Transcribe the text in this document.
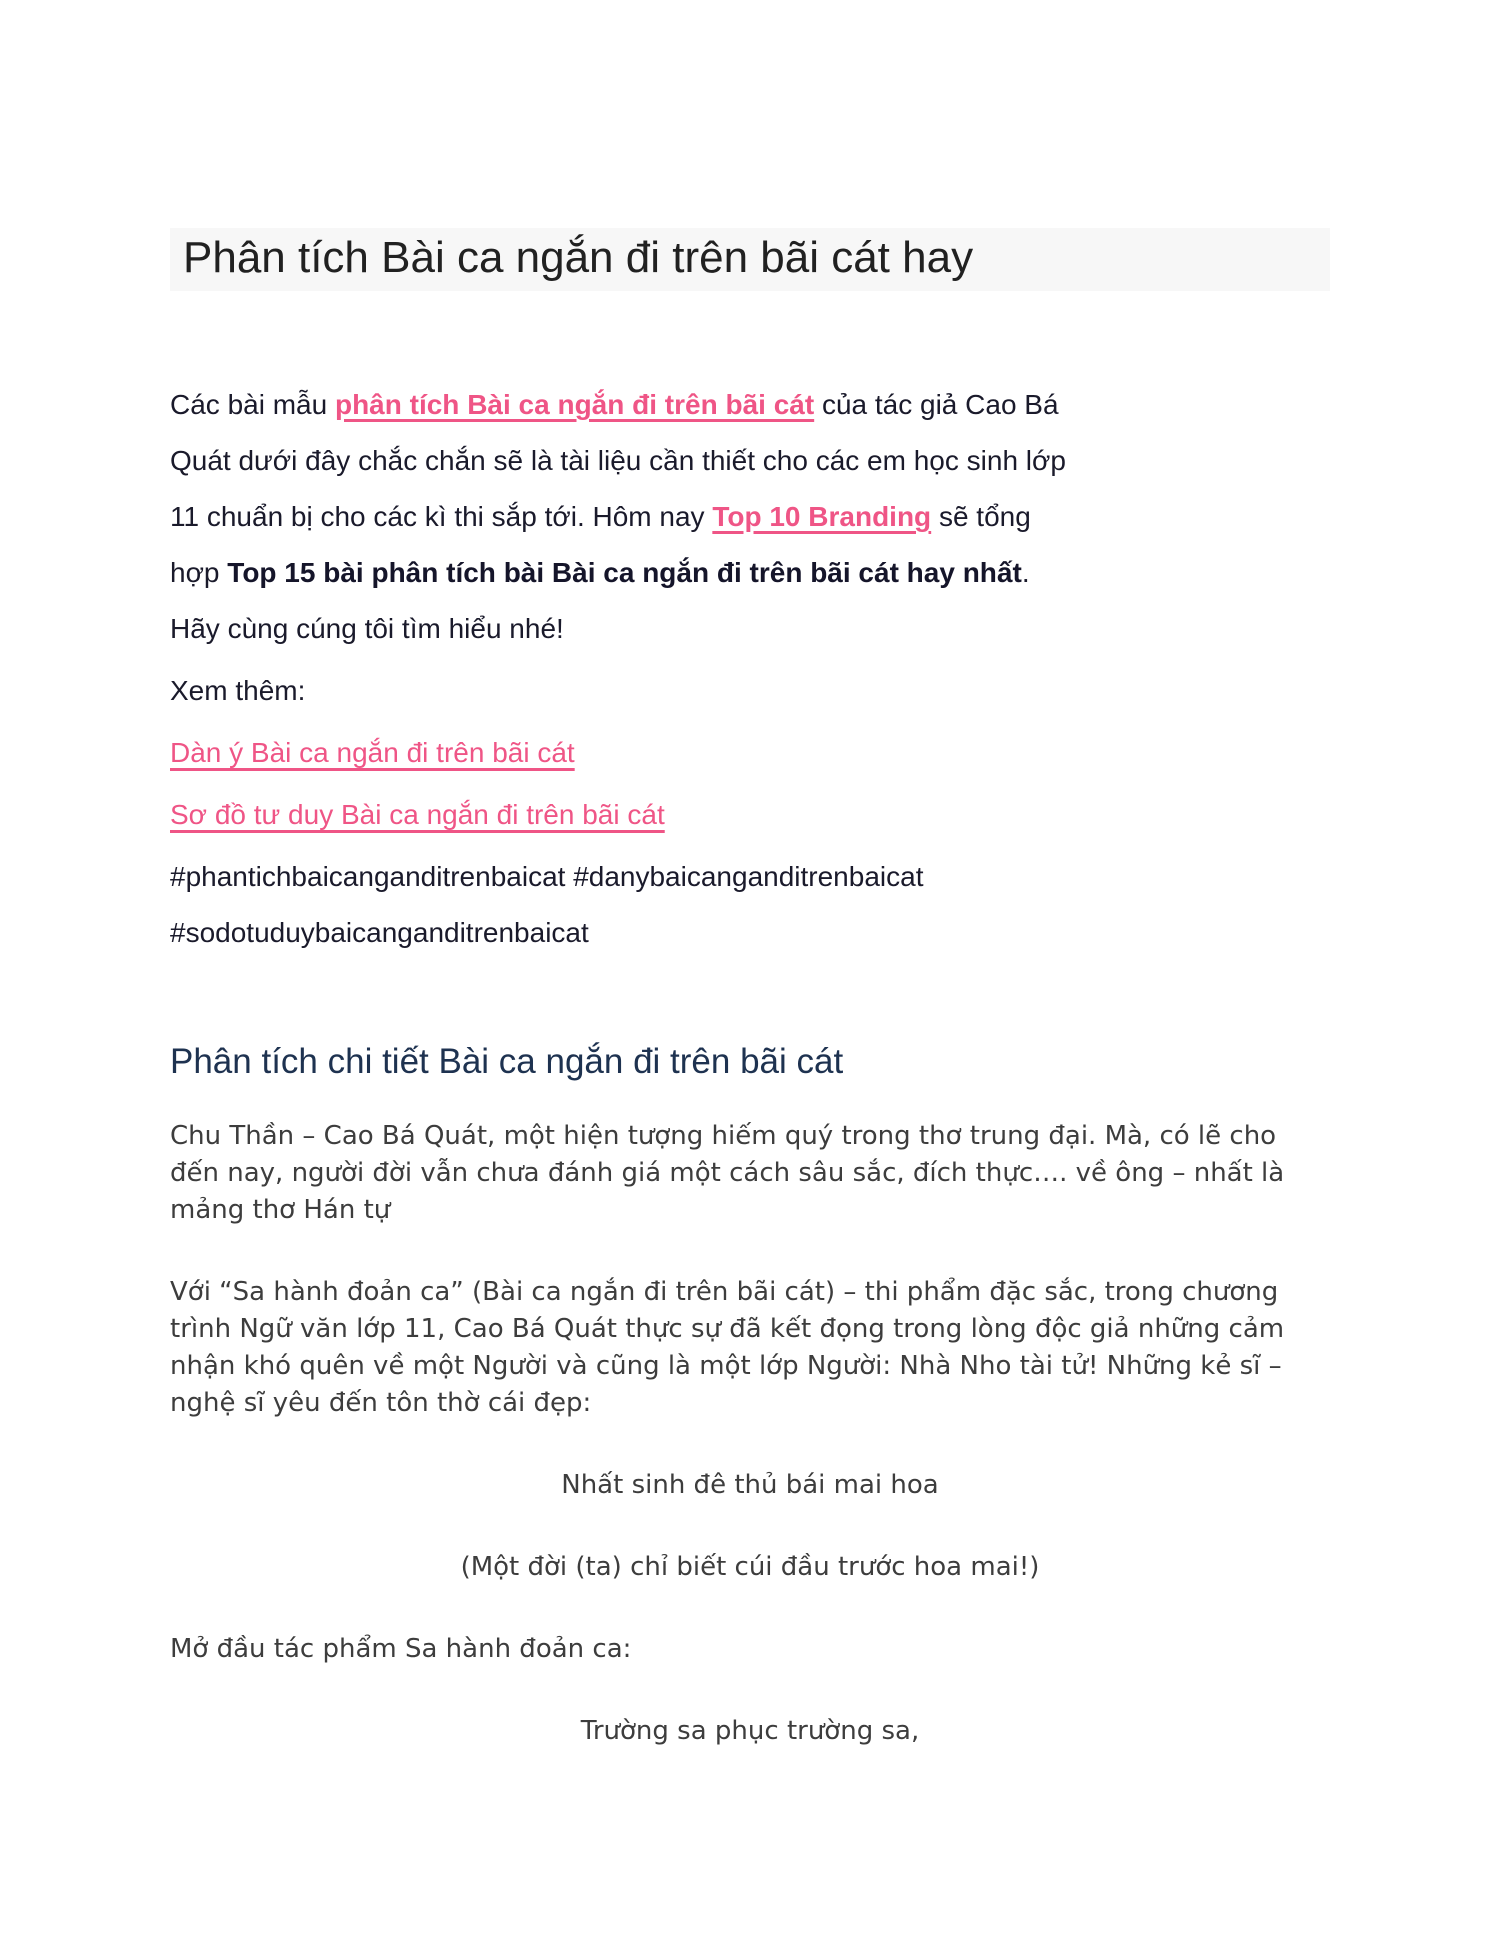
Phân tích Bài ca ngắn đi trên bãi cát hay

Các bài mẫu phân tích Bài ca ngắn đi trên bãi cát của tác giả Cao Bá Quát dưới đây chắc chắn sẽ là tài liệu cần thiết cho các em học sinh lớp 11 chuẩn bị cho các kì thi sắp tới. Hôm nay Top 10 Branding sẽ tổng hợp Top 15 bài phân tích bài Bài ca ngắn đi trên bãi cát hay nhất. Hãy cùng cúng tôi tìm hiểu nhé!

Xem thêm:

Dàn ý Bài ca ngắn đi trên bãi cát

Sơ đồ tư duy Bài ca ngắn đi trên bãi cát

#phantichbaicanganditrenbaicat #danybaicanganditrenbaicat #sodotuduybaicanganditrenbaicat

Phân tích chi tiết Bài ca ngắn đi trên bãi cát

Chu Thần – Cao Bá Quát, một hiện tượng hiếm quý trong thơ trung đại. Mà, có lẽ cho đến nay, người đời vẫn chưa đánh giá một cách sâu sắc, đích thực…. về ông – nhất là mảng thơ Hán tự

Với “Sa hành đoản ca” (Bài ca ngắn đi trên bãi cát) – thi phẩm đặc sắc, trong chương trình Ngữ văn lớp 11, Cao Bá Quát thực sự đã kết đọng trong lòng độc giả những cảm nhận khó quên về một Người và cũng là một lớp Người: Nhà Nho tài tử! Những kẻ sĩ – nghệ sĩ yêu đến tôn thờ cái đẹp:

Nhất sinh đê thủ bái mai hoa

(Một đời (ta) chỉ biết cúi đầu trước hoa mai!)

Mở đầu tác phẩm Sa hành đoản ca:

Trường sa phục trường sa,
